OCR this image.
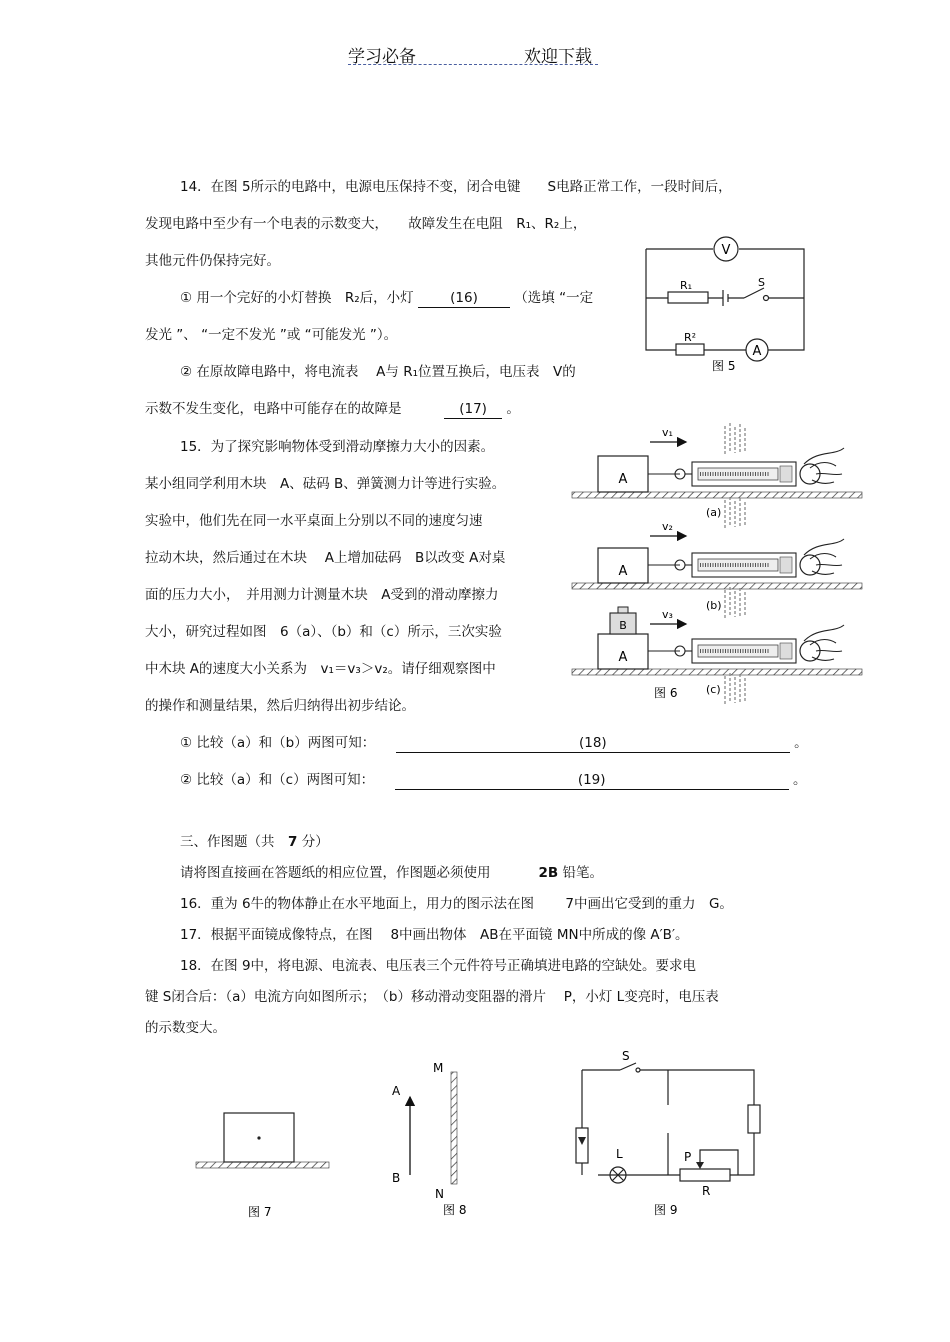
学习必备	欢迎下载
14．在图 5所示的电路中，电源电压保持不变，闭合电键　　S电路正常工作，一段时间后，
发现电路中至少有一个电表的示数变大，　　故障发生在电阻　R₁、R₂上，
其他元件仍保持完好。
① 用一个完好的小灯替换　R₂后，小灯	(16)	（选填 “一定
发光 ”、 “一定不发光 ”或 “可能发光 ”）。
② 在原故障电路中，将电流表　 A与 R₁位置互换后，电压表　V的
示数不发生变化，电路中可能存在的故障是	(17) 。
V
A
R₁
R²
S
图 5
15．为了探究影响物体受到滑动摩擦力大小的因素。
某小组同学利用木块　A、砝码 B、弹簧测力计等进行实验。
实验中，他们先在同一水平桌面上分别以不同的速度匀速
拉动木块，然后通过在木块　 A上增加砝码　B以改变 A对桌
面的压力大小，　并用测力计测量木块　A受到的滑动摩擦力
大小，研究过程如图　6（a）、（b）和（c）所示，三次实验
中木块 A的速度大小关系为　v₁＝v₃＞v₂。请仔细观察图中
的操作和测量结果，然后归纳得出初步结论。
① 比较（a）和（b）两图可知：	(18)	。
② 比较（a）和（c）两图可知：	(19)	。
A
v₁
(a)
A
v₂
(b)
A
B
v₃
图 6	(c)
三、作图题（共　7 分）
请将图直接画在答题纸的相应位置，作图题必须使用	2B 铅笔。
16．重为 6牛的物体静止在水平地面上，用力的图示法在图　　 7中画出它受到的重力　G。
17．根据平面镜成像特点，在图　 8中画出物体　AB在平面镜 MN中所成的像 A′B′。
18．在图 9中，将电源、电流表、电压表三个元件符号正确填进电路的空缺处。要求电
键 S闭合后：（a）电流方向如图所示；　（b）移动滑动变阻器的滑片　 P，小灯 L变亮时，电压表
的示数变大。
图 7
M
N
A
B
图 8
S
L	P
R
图 9
